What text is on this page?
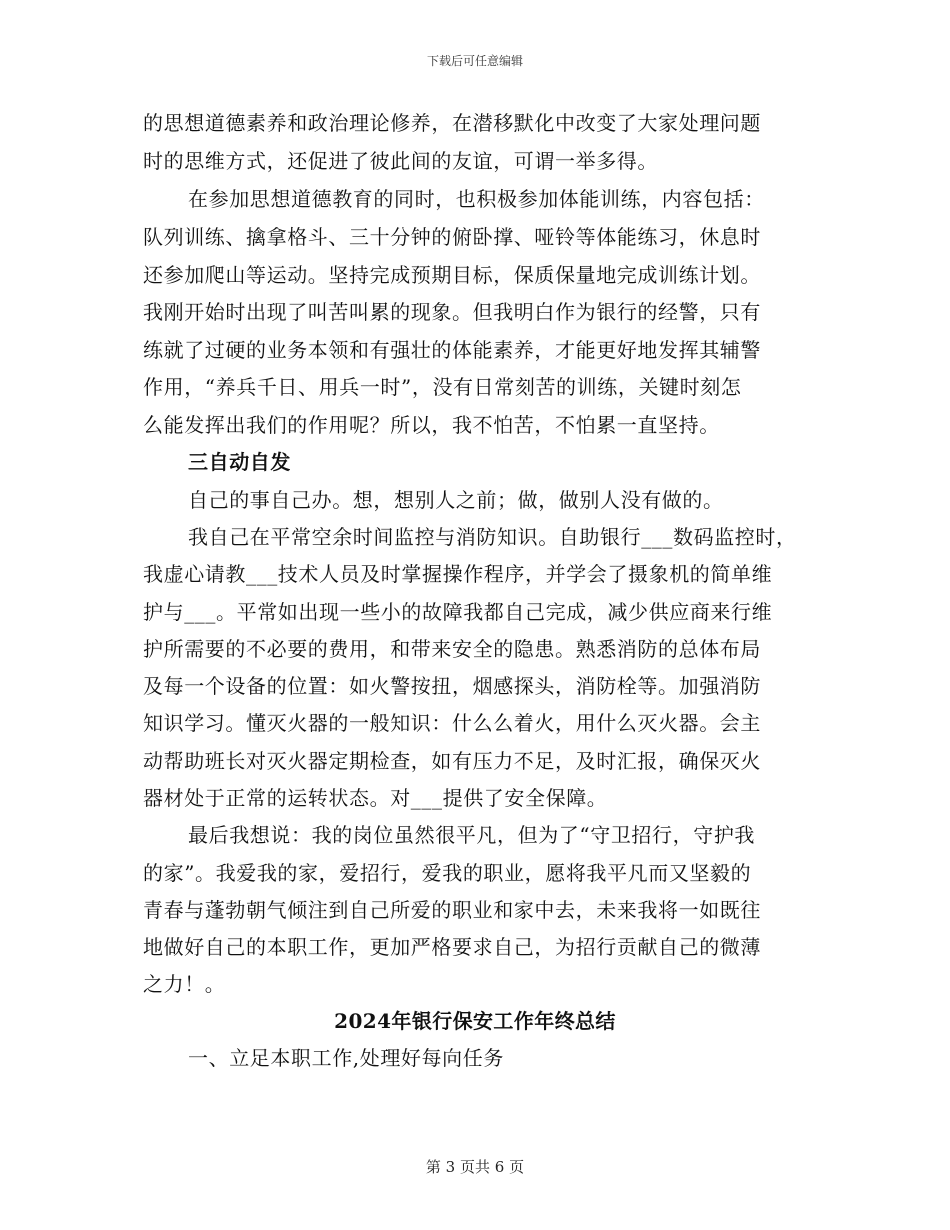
下载后可任意编辑
的思想道德素养和政治理论修养，在潜移默化中改变了大家处理问题
时的思维方式，还促进了彼此间的友谊，可谓一举多得。
在参加思想道德教育的同时，也积极参加体能训练，内容包括：
队列训练、擒拿格斗、三十分钟的俯卧撑、哑铃等体能练习，休息时
还参加爬山等运动。坚持完成预期目标，保质保量地完成训练计划。
我刚开始时出现了叫苦叫累的现象。但我明白作为银行的经警，只有
练就了过硬的业务本领和有强壮的体能素养，才能更好地发挥其辅警
作用，“养兵千日、用兵一时”，没有日常刻苦的训练，关键时刻怎
么能发挥出我们的作用呢？所以，我不怕苦，不怕累一直坚持。
三自动自发
自己的事自己办。想，想别人之前；做，做别人没有做的。
我自己在平常空余时间监控与消防知识。自助银行___数码监控时，
我虚心请教___技术人员及时掌握操作程序，并学会了摄象机的简单维
护与___。平常如出现一些小的故障我都自己完成，减少供应商来行维
护所需要的不必要的费用，和带来安全的隐患。熟悉消防的总体布局
及每一个设备的位置：如火警按扭，烟感探头，消防栓等。加强消防
知识学习。懂灭火器的一般知识：什么么着火，用什么灭火器。会主
动帮助班长对灭火器定期检查，如有压力不足，及时汇报，确保灭火
器材处于正常的运转状态。对___提供了安全保障。
最后我想说：我的岗位虽然很平凡，但为了“守卫招行，守护我
的家”。我爱我的家，爱招行，爱我的职业，愿将我平凡而又坚毅的
青春与蓬勃朝气倾注到自己所爱的职业和家中去，未来我将一如既往
地做好自己的本职工作，更加严格要求自己，为招行贡献自己的微薄
之力！。
2024年银行保安工作年终总结
一、立足本职工作,处理好每向任务
第 3 页共 6 页
